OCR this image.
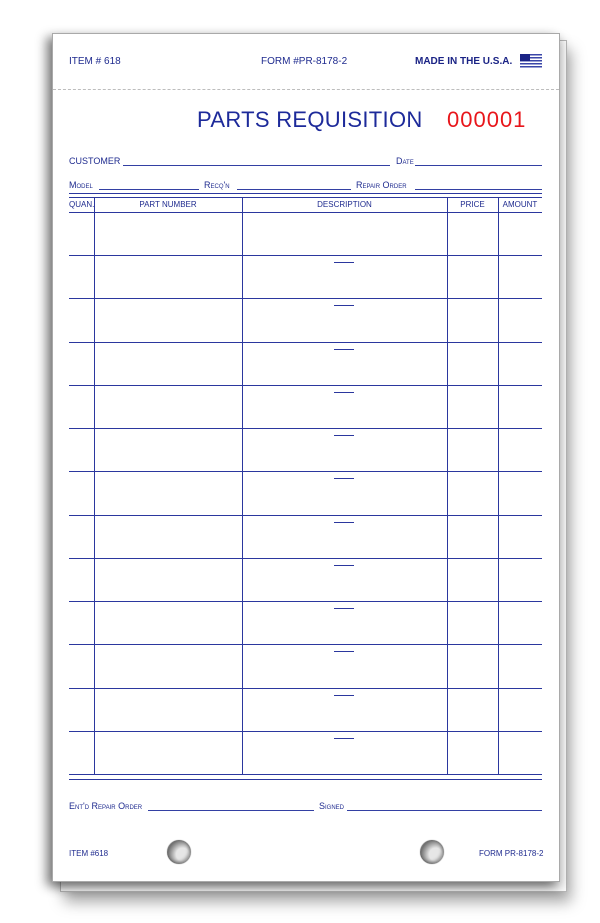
ITEM # 618	FORM #PR-8178-2	MADE IN THE U.S.A.
PARTS REQUISITION 000001
CUSTOMER	Date
Model	Recq'n	Repair Order
QUAN.	PART NUMBER	DESCRIPTION	PRICE	AMOUNT
Ent'd Repair Order	Signed
ITEM #618	FORM PR-8178-2
